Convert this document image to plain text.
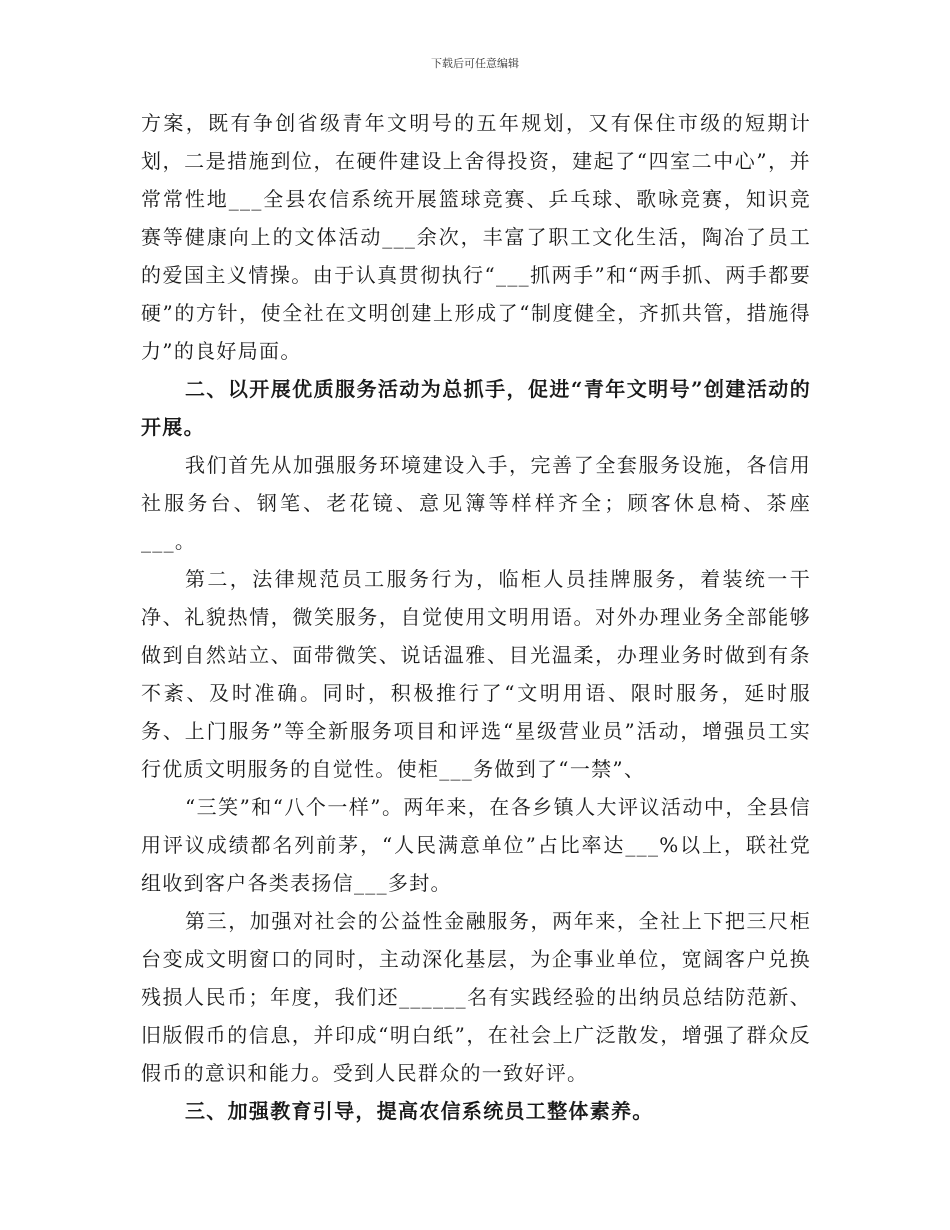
下载后可任意编辑

方案，既有争创省级青年文明号的五年规划，又有保住市级的短期计划，二是措施到位，在硬件建设上舍得投资，建起了“四室二中心”，并常常性地___全县农信系统开展篮球竞赛、乒乓球、歌咏竞赛，知识竞赛等健康向上的文体活动___余次，丰富了职工文化生活，陶冶了员工的爱国主义情操。由于认真贯彻执行“___抓两手”和“两手抓、两手都要硬”的方针，使全社在文明创建上形成了“制度健全，齐抓共管，措施得力”的良好局面。

二、以开展优质服务活动为总抓手，促进“青年文明号”创建活动的开展。

我们首先从加强服务环境建设入手，完善了全套服务设施，各信用社服务台、钢笔、老花镜、意见簿等样样齐全；顾客休息椅、茶座___。

第二，法律规范员工服务行为，临柜人员挂牌服务，着装统一干净、礼貌热情，微笑服务，自觉使用文明用语。对外办理业务全部能够做到自然站立、面带微笑、说话温雅、目光温柔，办理业务时做到有条不紊、及时准确。同时，积极推行了“文明用语、限时服务，延时服务、上门服务”等全新服务项目和评选“星级营业员”活动，增强员工实行优质文明服务的自觉性。使柜___务做到了“一禁”、

“三笑”和“八个一样”。两年来，在各乡镇人大评议活动中，全县信用评议成绩都名列前茅，“人民满意单位”占比率达___%以上，联社党组收到客户各类表扬信___多封。

第三，加强对社会的公益性金融服务，两年来，全社上下把三尺柜台变成文明窗口的同时，主动深化基层，为企事业单位，宽阔客户兑换残损人民币；年度，我们还______名有实践经验的出纳员总结防范新、旧版假币的信息，并印成“明白纸”，在社会上广泛散发，增强了群众反假币的意识和能力。受到人民群众的一致好评。

三、加强教育引导，提高农信系统员工整体素养。
